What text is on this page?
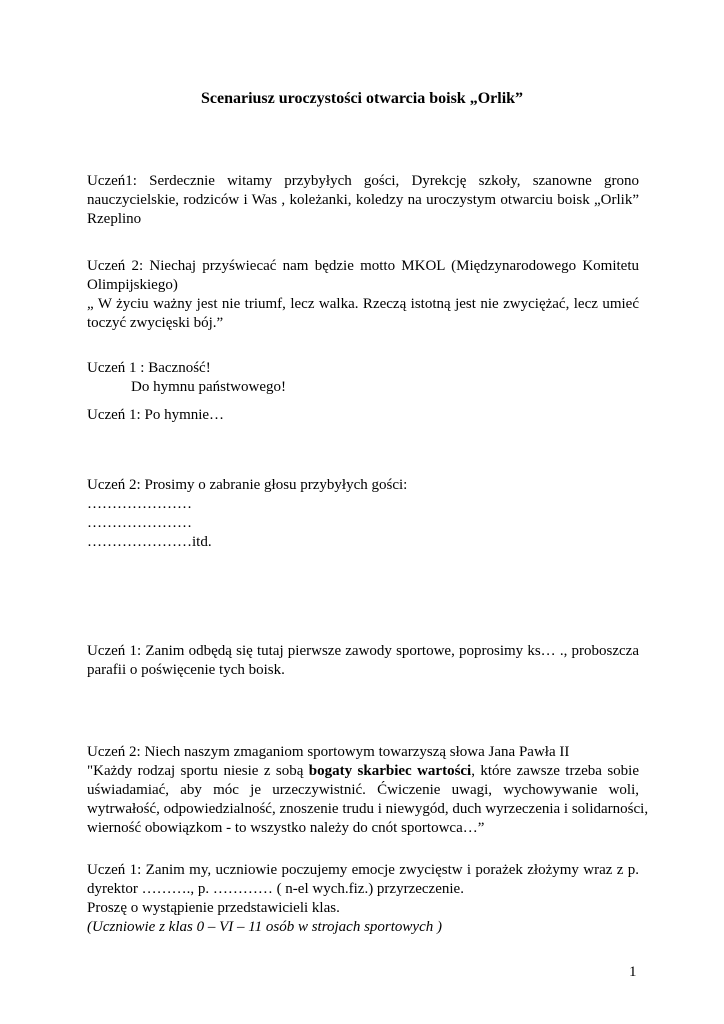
Scenariusz uroczystości otwarcia boisk „Orlik”
Uczeń1: Serdecznie witamy przybyłych gości, Dyrekcję szkoły, szanowne grono
nauczycielskie, rodziców i Was , koleżanki, koledzy na uroczystym otwarciu boisk „Orlik”
Rzeplino
Uczeń 2: Niechaj przyświecać nam będzie motto MKOL (Międzynarodowego Komitetu
Olimpijskiego)
„ W życiu ważny jest nie triumf, lecz walka. Rzeczą istotną jest nie zwyciężać, lecz umieć
toczyć zwycięski bój.”
Uczeń 1 : Baczność!
Do hymnu państwowego!
Uczeń 1: Po hymnie…
Uczeń 2: Prosimy o zabranie głosu przybyłych gości:
…………………
…………………
…………………itd.
Uczeń 1: Zanim odbędą się tutaj pierwsze zawody sportowe, poprosimy ks… ., proboszcza
parafii o poświęcenie tych boisk.
Uczeń 2: Niech naszym zmaganiom sportowym towarzyszą słowa Jana Pawła II
"Każdy rodzaj sportu niesie z sobą bogaty skarbiec wartości, które zawsze trzeba sobie
uświadamiać, aby móc je urzeczywistnić. Ćwiczenie uwagi, wychowywanie woli,
wytrwałość, odpowiedzialność, znoszenie trudu i niewygód, duch wyrzeczenia i solidarności,
wierność obowiązkom - to wszystko należy do cnót sportowca…”
Uczeń 1: Zanim my, uczniowie poczujemy emocje zwycięstw i porażek złożymy wraz z p.
dyrektor ………., p. ………… ( n-el wych.fiz.) przyrzeczenie.
Proszę o wystąpienie przedstawicieli klas.
(Uczniowie z klas 0 – VI – 11 osób w strojach sportowych )
1
